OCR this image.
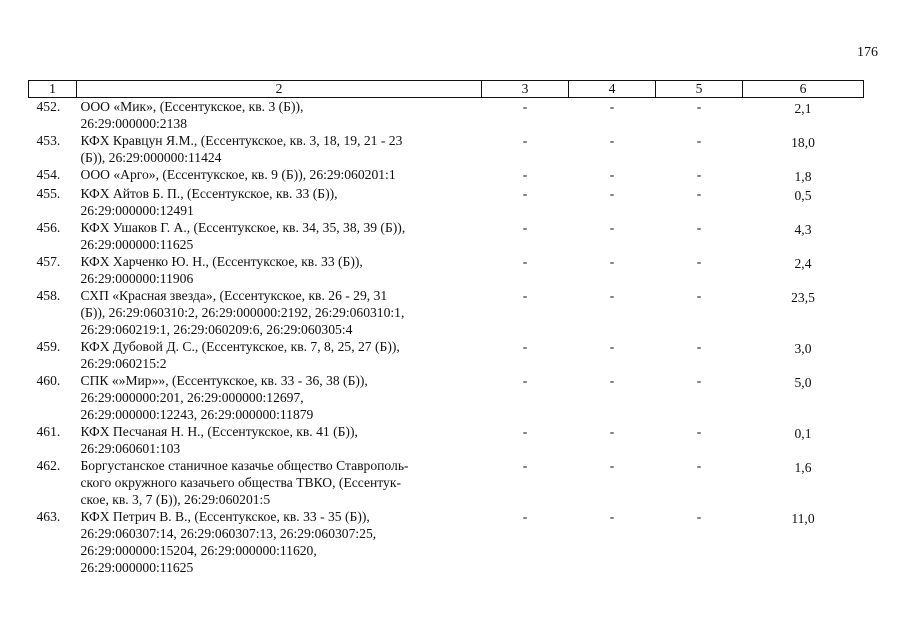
176
1	2	3	4	5	6
452.	ООО «Мик», (Ессентукское, кв. 3 (Б)),
26:29:000000:2138	-	-	-	2,1
453.	КФХ Кравцун Я.М., (Ессентукское, кв. 3, 18, 19, 21 - 23
(Б)), 26:29:000000:11424	-	-	-	18,0
454.	ООО «Арго», (Ессентукское, кв. 9 (Б)), 26:29:060201:1	-	-	-	1,8
455.	КФХ Айтов Б. П., (Ессентукское, кв. 33 (Б)),
26:29:000000:12491	-	-	-	0,5
456.	КФХ Ушаков Г. А., (Ессентукское, кв. 34, 35, 38, 39 (Б)),
26:29:000000:11625	-	-	-	4,3
457.	КФХ Харченко Ю. Н., (Ессентукское, кв. 33 (Б)),
26:29:000000:11906	-	-	-	2,4
458.	СХП «Красная звезда», (Ессентукское, кв. 26 - 29, 31
(Б)), 26:29:060310:2, 26:29:000000:2192, 26:29:060310:1,
26:29:060219:1, 26:29:060209:6, 26:29:060305:4	-	-	-	23,5
459.	КФХ Дубовой Д. С., (Ессентукское, кв. 7, 8, 25, 27 (Б)),
26:29:060215:2	-	-	-	3,0
460.	СПК «»Мир»», (Ессентукское, кв. 33 - 36, 38 (Б)),
26:29:000000:201, 26:29:000000:12697,
26:29:000000:12243, 26:29:000000:11879	-	-	-	5,0
461.	КФХ Песчаная Н. Н., (Ессентукское, кв. 41 (Б)),
26:29:060601:103	-	-	-	0,1
462.	Боргустанское станичное казачье общество Ставрополь-
ского окружного казачьего общества ТВКО, (Ессентук-
ское, кв. 3, 7 (Б)), 26:29:060201:5	-	-	-	1,6
463.	КФХ Петрич В. В., (Ессентукское, кв. 33 - 35 (Б)),
26:29:060307:14, 26:29:060307:13, 26:29:060307:25,
26:29:000000:15204, 26:29:000000:11620,
26:29:000000:11625	-	-	-	11,0
